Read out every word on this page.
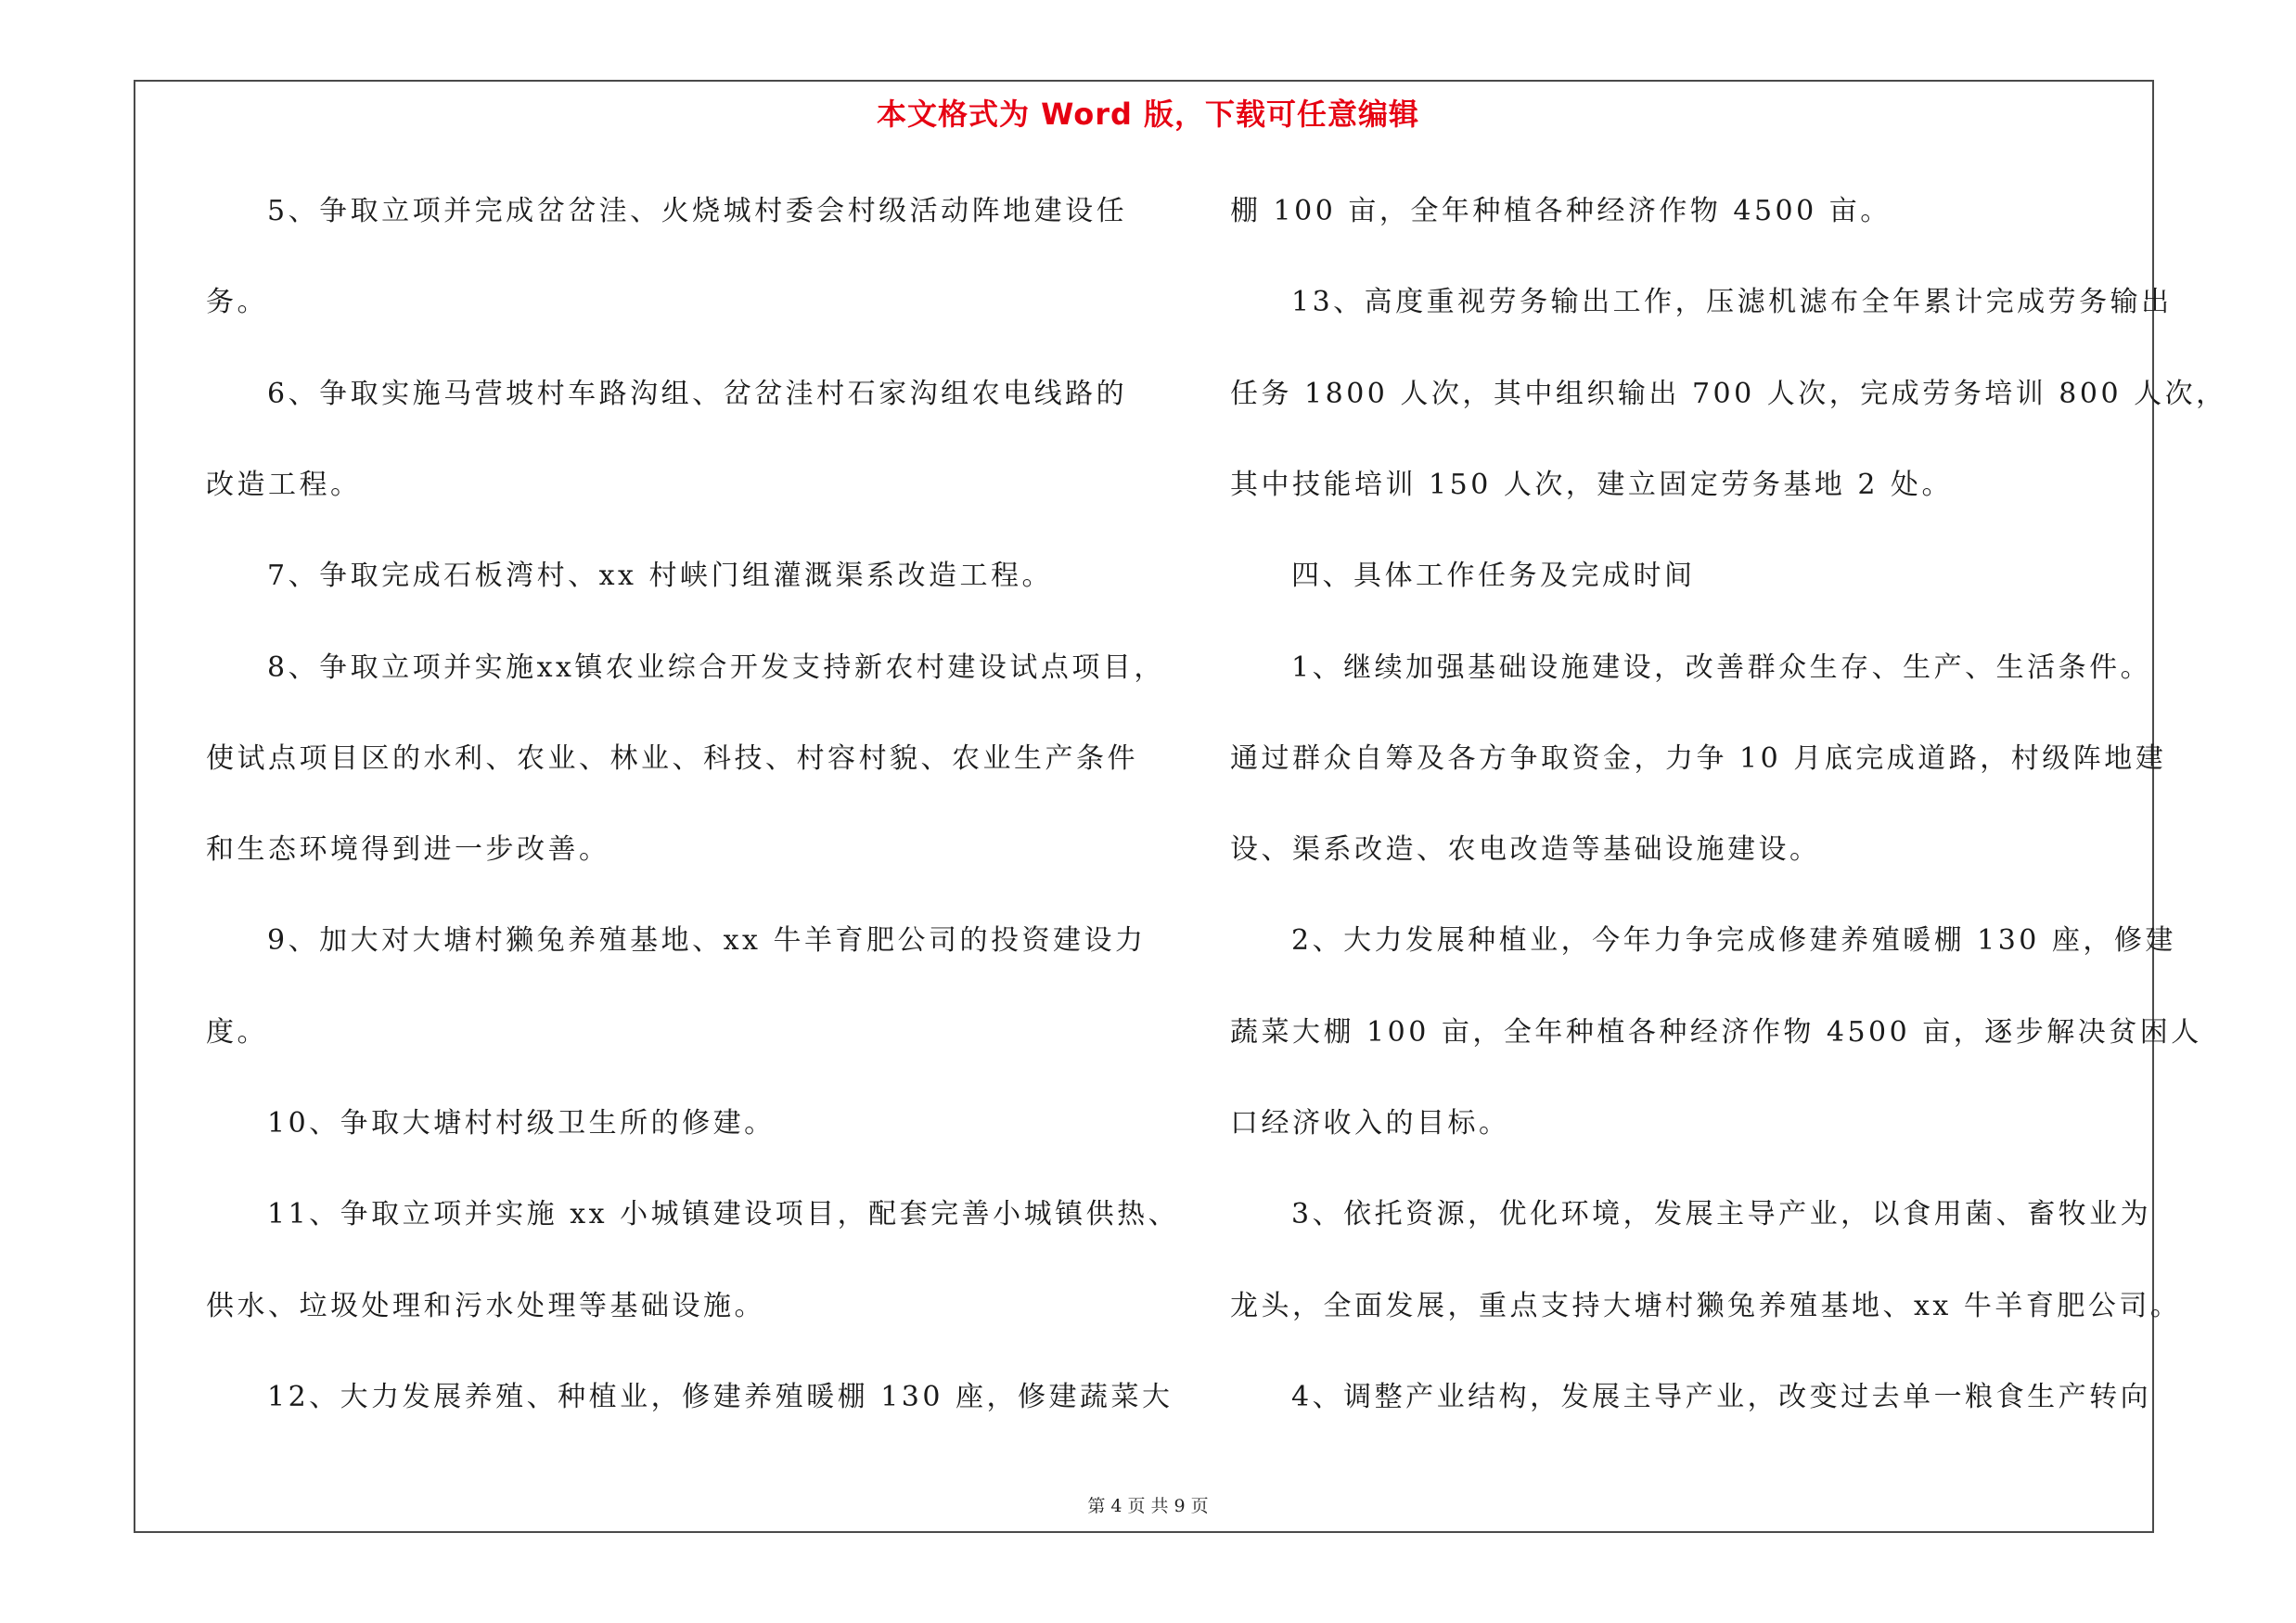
本文格式为 Word 版，下载可任意编辑
5、争取立项并完成岔岔洼、火烧城村委会村级活动阵地建设任
务。
6、争取实施马营坡村车路沟组、岔岔洼村石家沟组农电线路的
改造工程。
7、争取完成石板湾村、xx 村峡门组灌溉渠系改造工程。
8、争取立项并实施xx镇农业综合开发支持新农村建设试点项目，
使试点项目区的水利、农业、林业、科技、村容村貌、农业生产条件
和生态环境得到进一步改善。
9、加大对大塘村獭兔养殖基地、xx 牛羊育肥公司的投资建设力
度。
10、争取大塘村村级卫生所的修建。
11、争取立项并实施 xx 小城镇建设项目，配套完善小城镇供热、
供水、垃圾处理和污水处理等基础设施。
12、大力发展养殖、种植业，修建养殖暖棚 130 座，修建蔬菜大
棚 100 亩，全年种植各种经济作物 4500 亩。
13、高度重视劳务输出工作，压滤机滤布全年累计完成劳务输出
任务 1800 人次，其中组织输出 700 人次，完成劳务培训 800 人次，
其中技能培训 150 人次，建立固定劳务基地 2 处。
四、具体工作任务及完成时间
1、继续加强基础设施建设，改善群众生存、生产、生活条件。
通过群众自筹及各方争取资金，力争 10 月底完成道路，村级阵地建
设、渠系改造、农电改造等基础设施建设。
2、大力发展种植业，今年力争完成修建养殖暖棚 130 座，修建
蔬菜大棚 100 亩，全年种植各种经济作物 4500 亩，逐步解决贫困人
口经济收入的目标。
3、依托资源，优化环境，发展主导产业，以食用菌、畜牧业为
龙头，全面发展，重点支持大塘村獭兔养殖基地、xx 牛羊育肥公司。
4、调整产业结构，发展主导产业，改变过去单一粮食生产转向
第 4 页 共 9 页
